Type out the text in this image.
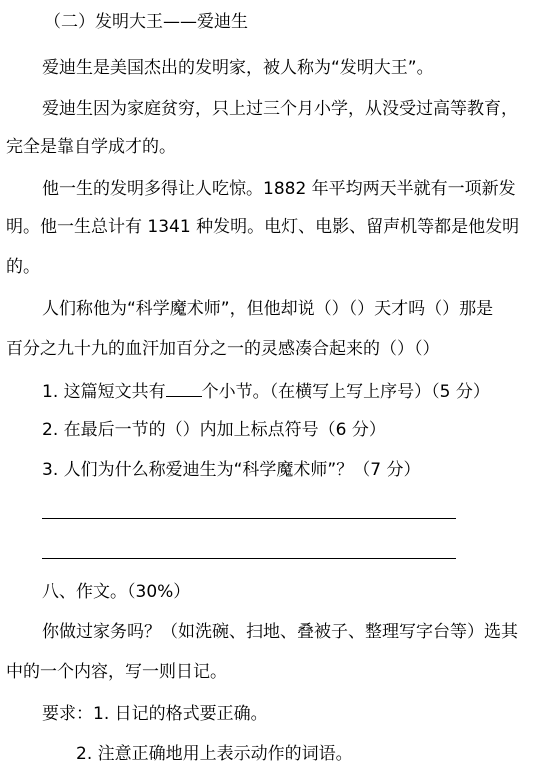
（二）发明大王——爱迪生
爱迪生是美国杰出的发明家，被人称为“发明大王”。
爱迪生因为家庭贫穷，只上过三个月小学，从没受过高等教育，
完全是靠自学成才的。
他一生的发明多得让人吃惊。1882 年平均两天半就有一项新发
明。他一生总计有 1341 种发明。电灯、电影、留声机等都是他发明
的。
人们称他为“科学魔术师”，但他却说（）（）天才吗（）那是
百分之九十九的血汗加百分之一的灵感凑合起来的（）（）
1. 这篇短文共有 个小节。（在横写上写上序号）（5 分）
2. 在最后一节的（）内加上标点符号（6 分）
3. 人们为什么称爱迪生为“科学魔术师”？（7 分）
八、作文。（30%）
你做过家务吗？（如洗碗、扫地、叠被子、整理写字台等）选其
中的一个内容，写一则日记。
要求：1. 日记的格式要正确。
2. 注意正确地用上表示动作的词语。
